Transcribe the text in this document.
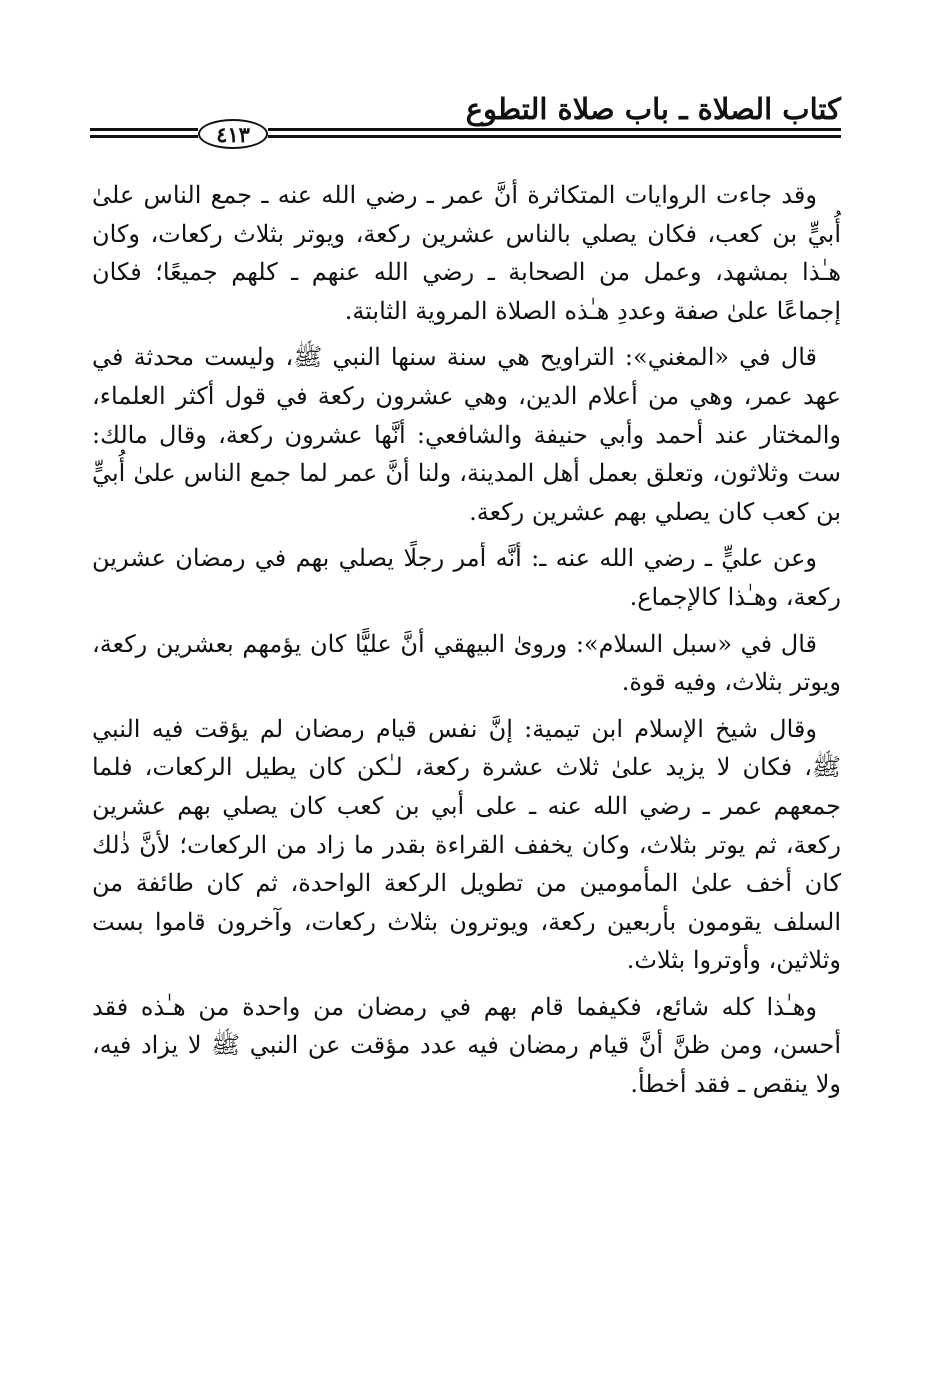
كتاب الصلاة ـ باب صلاة التطوع
٤١٣

وقد جاءت الروايات المتكاثرة أنَّ عمر ـ رضي الله عنه ـ جمع الناس علىٰ أُبيٍّ بن كعب، فكان يصلي بالناس عشرين ركعة، ويوتر بثلاث ركعات، وكان هـٰذا بمشهد، وعمل من الصحابة ـ رضي الله عنهم ـ كلهم جميعًا؛ فكان إجماعًا علىٰ صفة وعددِ هـٰذه الصلاة المروية الثابتة.

قال في «المغني»: التراويح هي سنة سنها النبي ﷺ، وليست محدثة في عهد عمر، وهي من أعلام الدين، وهي عشرون ركعة في قول أكثر العلماء، والمختار عند أحمد وأبي حنيفة والشافعي: أنَّها عشرون ركعة، وقال مالك: ست وثلاثون، وتعلق بعمل أهل المدينة، ولنا أنَّ عمر لما جمع الناس علىٰ أُبيٍّ بن كعب كان يصلي بهم عشرين ركعة.

وعن عليٍّ ـ رضي الله عنه ـ: أنَّه أمر رجلًا يصلي بهم في رمضان عشرين ركعة، وهـٰذا كالإجماع.

قال في «سبل السلام»: وروىٰ البيهقي أنَّ عليًّا كان يؤمهم بعشرين ركعة، ويوتر بثلاث، وفيه قوة.

وقال شيخ الإسلام ابن تيمية: إنَّ نفس قيام رمضان لم يؤقت فيه النبي ﷺ، فكان لا يزيد علىٰ ثلاث عشرة ركعة، لـٰكن كان يطيل الركعات، فلما جمعهم عمر ـ رضي الله عنه ـ على أبي بن كعب كان يصلي بهم عشرين ركعة، ثم يوتر بثلاث، وكان يخفف القراءة بقدر ما زاد من الركعات؛ لأنَّ ذٰلك كان أخف علىٰ المأمومين من تطويل الركعة الواحدة، ثم كان طائفة من السلف يقومون بأربعين ركعة، ويوترون بثلاث ركعات، وآخرون قاموا بست وثلاثين، وأوتروا بثلاث.

وهـٰذا كله شائع، فكيفما قام بهم في رمضان من واحدة من هـٰذه فقد أحسن، ومن ظنَّ أنَّ قيام رمضان فيه عدد مؤقت عن النبي ﷺ لا يزاد فيه، ولا ينقص ـ فقد أخطأ.
